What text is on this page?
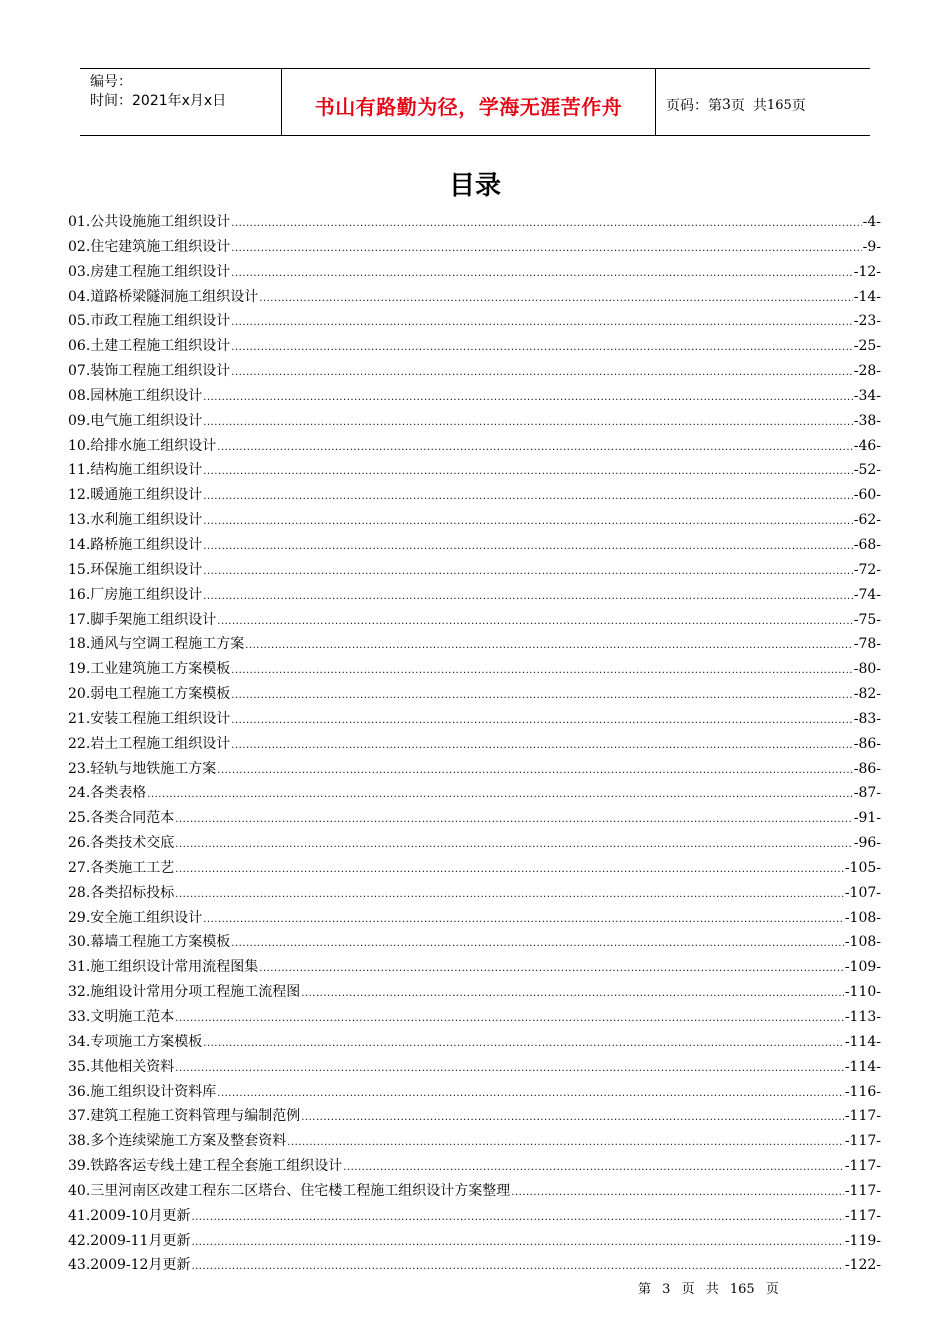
编号：
时间：2021年x月x日	书山有路勤为径，学海无涯苦作舟	页码：第 3 页 共 165 页
目录
01. 公共设施施工组织设计 .....	-4-
02. 住宅建筑施工组织设计 .....	-9-
03. 房建工程施工组织设计 .....	-12-
04. 道路桥梁隧洞施工组织设计 .....	-14-
05. 市政工程施工组织设计 .....	-23-
06. 土建工程施工组织设计 .....	-25-
07. 装饰工程施工组织设计 .....	-28-
08. 园林施工组织设计 .....	-34-
09. 电气施工组织设计 .....	-38-
10. 给排水施工组织设计 .....	-46-
11. 结构施工组织设计 .....	-52-
12. 暖通施工组织设计 .....	-60-
13. 水利施工组织设计 .....	-62-
14. 路桥施工组织设计 .....	-68-
15. 环保施工组织设计 .....	-72-
16. 厂房施工组织设计 .....	-74-
17. 脚手架施工组织设计 .....	-75-
18. 通风与空调工程施工方案 .....	-78-
19. 工业建筑施工方案模板 .....	-80-
20. 弱电工程施工方案模板 .....	-82-
21. 安装工程施工组织设计 .....	-83-
22. 岩土工程施工组织设计 .....	-86-
23. 轻轨与地铁施工方案 .....	-86-
24. 各类表格 .....	-87-
25. 各类合同范本 .....	-91-
26. 各类技术交底 .....	-96-
27. 各类施工工艺 .....	-105-
28. 各类招标投标 .....	-107-
29. 安全施工组织设计 .....	-108-
30. 幕墙工程施工方案模板 .....	-108-
31. 施工组织设计常用流程图集 .....	-109-
32. 施组设计常用分项工程施工流程图 .....	-110-
33. 文明施工范本 .....	-113-
34. 专项施工方案模板 .....	-114-
35. 其他相关资料 .....	-114-
36. 施工组织设计资料库 .....	-116-
37. 建筑工程施工资料管理与编制范例 .....	-117-
38. 多个连续梁施工方案及整套资料 .....	-117-
39. 铁路客运专线土建工程全套施工组织设计 .....	-117-
40. 三里河南区改建工程东二区塔台、住宅楼工程施工组织设计方案整理 .....	-117-
41. 2009-10月更新 .....	-117-
42. 2009-11月更新 .....	-119-
43. 2009-12月更新 .....	-122-
第 3 页 共 165 页
